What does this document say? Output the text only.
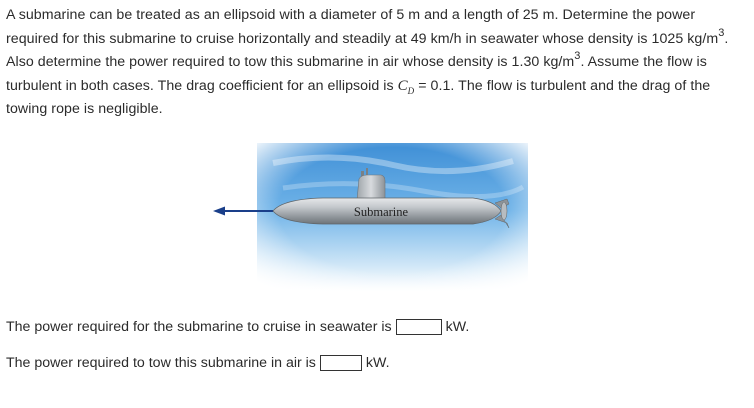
A submarine can be treated as an ellipsoid with a diameter of 5 m and a length of 25 m. Determine the power required for this submarine to cruise horizontally and steadily at 49 km/h in seawater whose density is 1025 $kg/m^3$. Also determine the power required to tow this submarine in air whose density is 1.30 $kg/m^3$. Assume the flow is turbulent in both cases. The drag coefficient for an ellipsoid is $C_D = 0.1$. The flow is turbulent and the drag of the towing rope is negligible.
Submarine
The power required for the submarine to cruise in seawater is	kW.
The power required to tow this submarine in air is	kW.
